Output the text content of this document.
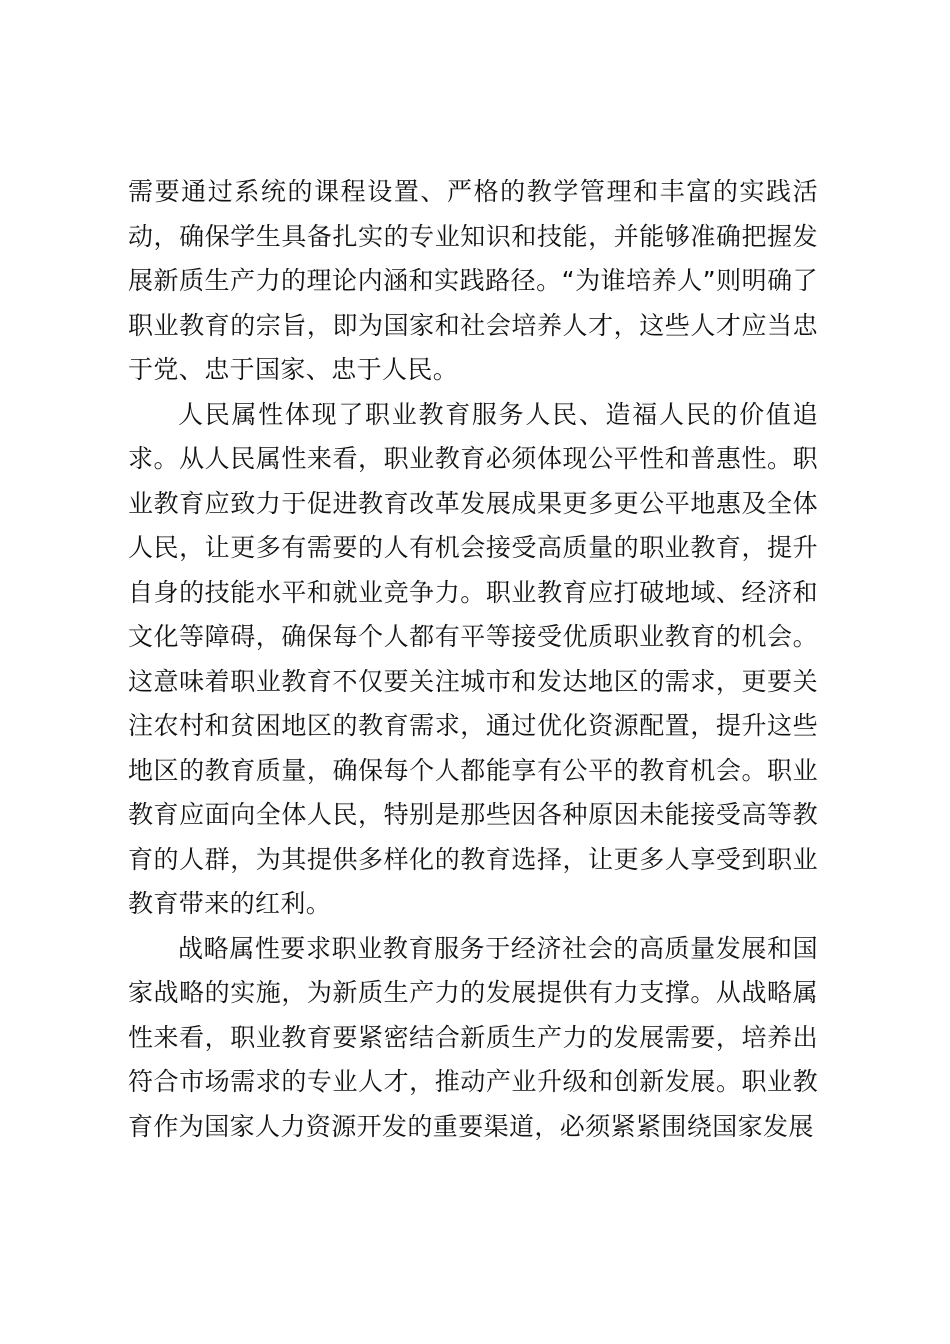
需要通过系统的课程设置、严格的教学管理和丰富的实践活动，确保学生具备扎实的专业知识和技能，并能够准确把握发展新质生产力的理论内涵和实践路径。“为谁培养人”则明确了职业教育的宗旨，即为国家和社会培养人才，这些人才应当忠于党、忠于国家、忠于人民。

人民属性体现了职业教育服务人民、造福人民的价值追求。从人民属性来看，职业教育必须体现公平性和普惠性。职业教育应致力于促进教育改革发展成果更多更公平地惠及全体人民，让更多有需要的人有机会接受高质量的职业教育，提升自身的技能水平和就业竞争力。职业教育应打破地域、经济和文化等障碍，确保每个人都有平等接受优质职业教育的机会。这意味着职业教育不仅要关注城市和发达地区的需求，更要关注农村和贫困地区的教育需求，通过优化资源配置，提升这些地区的教育质量，确保每个人都能享有公平的教育机会。职业教育应面向全体人民，特别是那些因各种原因未能接受高等教育的人群，为其提供多样化的教育选择，让更多人享受到职业教育带来的红利。

战略属性要求职业教育服务于经济社会的高质量发展和国家战略的实施，为新质生产力的发展提供有力支撑。从战略属性来看，职业教育要紧密结合新质生产力的发展需要，培养出符合市场需求的专业人才，推动产业升级和创新发展。职业教育作为国家人力资源开发的重要渠道，必须紧紧围绕国家发展
